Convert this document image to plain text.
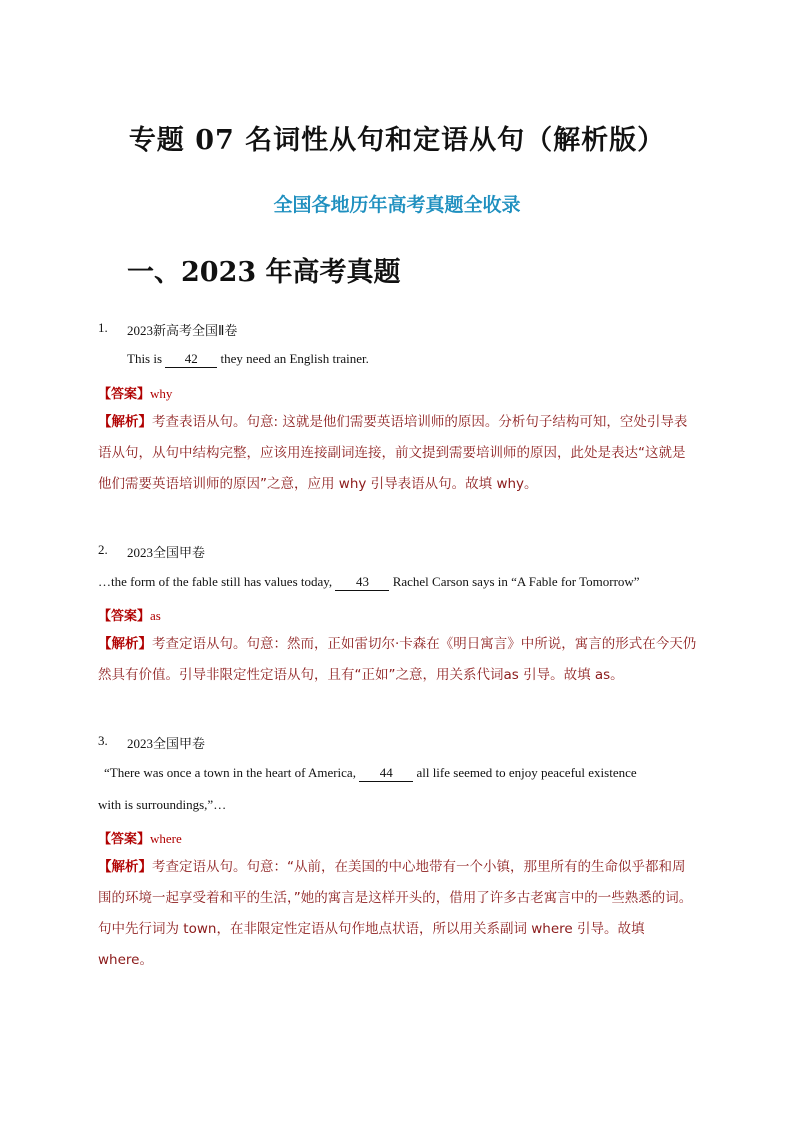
专题 07 名词性从句和定语从句（解析版）
全国各地历年高考真题全收录
一、2023 年高考真题
1. 2023新高考全国Ⅱ卷
This is 42 they need an English trainer.
【答案】why
【解析】考查表语从句。句意: 这就是他们需要英语培训师的原因。分析句子结构可知，空处引导表语从句，从句中结构完整，应该用连接副词连接，前文提到需要培训师的原因，此处是表达“这就是他们需要英语培训师的原因”之意，应用 why 引导表语从句。故填 why。
2. 2023全国甲卷
…the form of the fable still has values today, 43 Rachel Carson says in “A Fable for Tomorrow”
【答案】as
【解析】考查定语从句。句意：然而，正如雷切尔·卡森在《明日寓言》中所说，寓言的形式在今天仍然具有价值。引导非限定性定语从句，且有“正如”之意，用关系代词as 引导。故填 as。
3. 2023全国甲卷
“There was once a town in the heart of America, 44 all life seemed to enjoy peaceful existence
with is surroundings,”…
【答案】where
【解析】考查定语从句。句意：“从前，在美国的中心地带有一个小镇，那里所有的生命似乎都和周围的环境一起享受着和平的生活，”她的寓言是这样开头的，借用了许多古老寓言中的一些熟悉的词。句中先行词为 town，在非限定性定语从句作地点状语，所以用关系副词 where 引导。故填 where。
